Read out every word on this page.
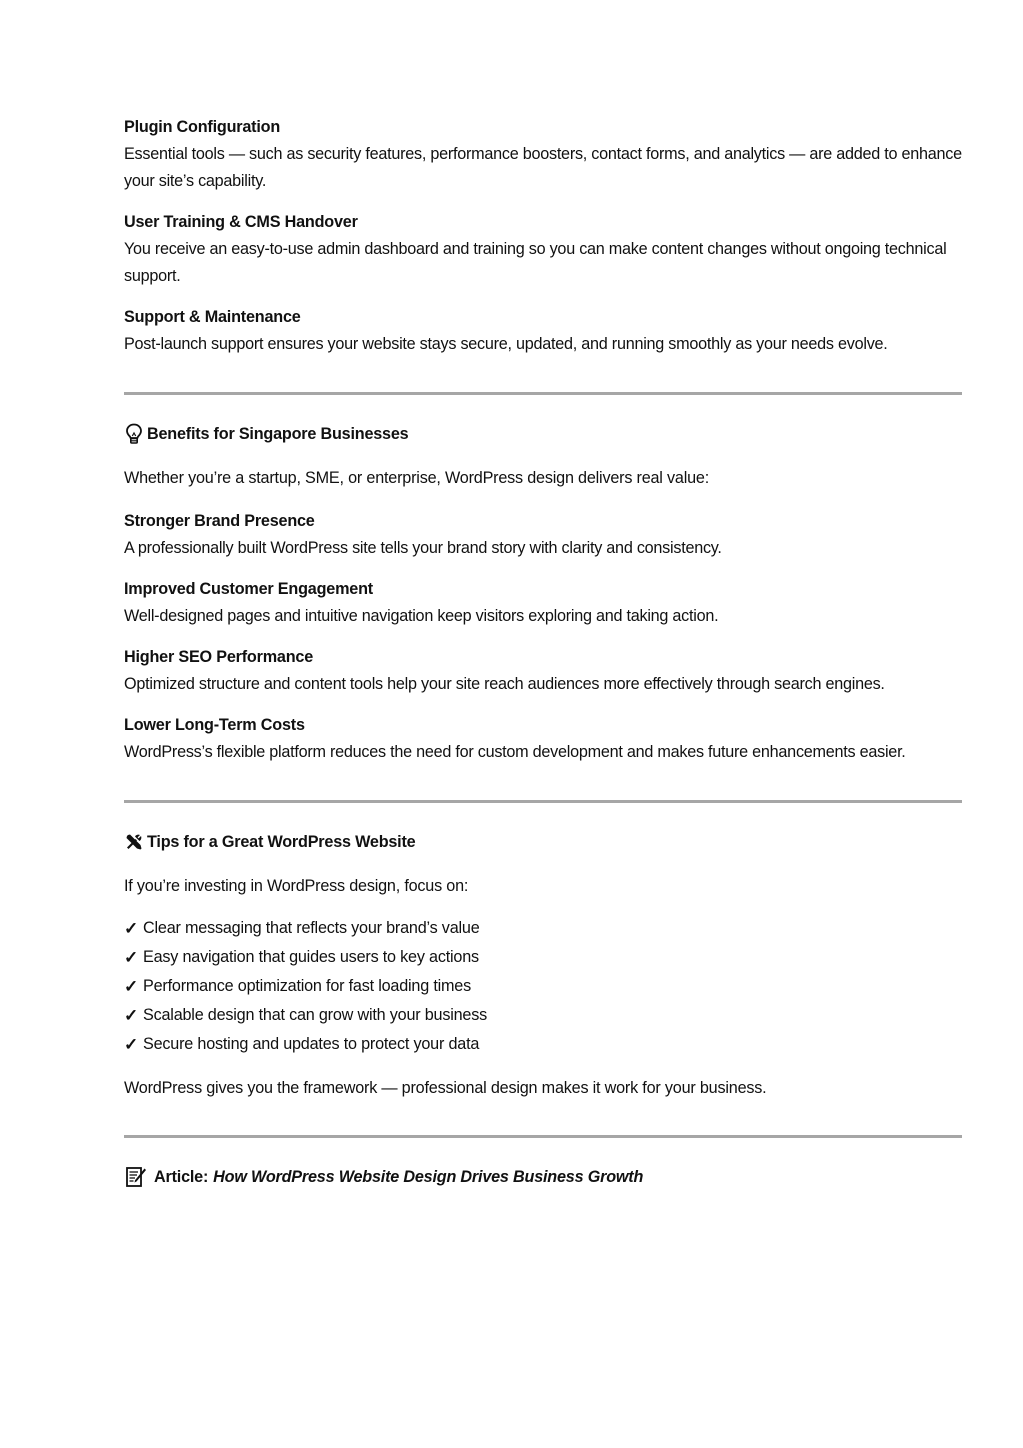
Plugin Configuration

Essential tools — such as security features, performance boosters, contact forms, and analytics — are added to enhance your site’s capability.

User Training & CMS Handover

You receive an easy-to-use admin dashboard and training so you can make content changes without ongoing technical support.

Support & Maintenance

Post-launch support ensures your website stays secure, updated, and running smoothly as your needs evolve.

Benefits for Singapore Businesses

Whether you’re a startup, SME, or enterprise, WordPress design delivers real value:

Stronger Brand Presence

A professionally built WordPress site tells your brand story with clarity and consistency.

Improved Customer Engagement

Well-designed pages and intuitive navigation keep visitors exploring and taking action.

Higher SEO Performance

Optimized structure and content tools help your site reach audiences more effectively through search engines.

Lower Long-Term Costs

WordPress’s flexible platform reduces the need for custom development and makes future enhancements easier.

Tips for a Great WordPress Website

If you’re investing in WordPress design, focus on:

✓ Clear messaging that reflects your brand’s value
✓ Easy navigation that guides users to key actions
✓ Performance optimization for fast loading times
✓ Scalable design that can grow with your business
✓ Secure hosting and updates to protect your data

WordPress gives you the framework — professional design makes it work for your business.

Article: How WordPress Website Design Drives Business Growth
